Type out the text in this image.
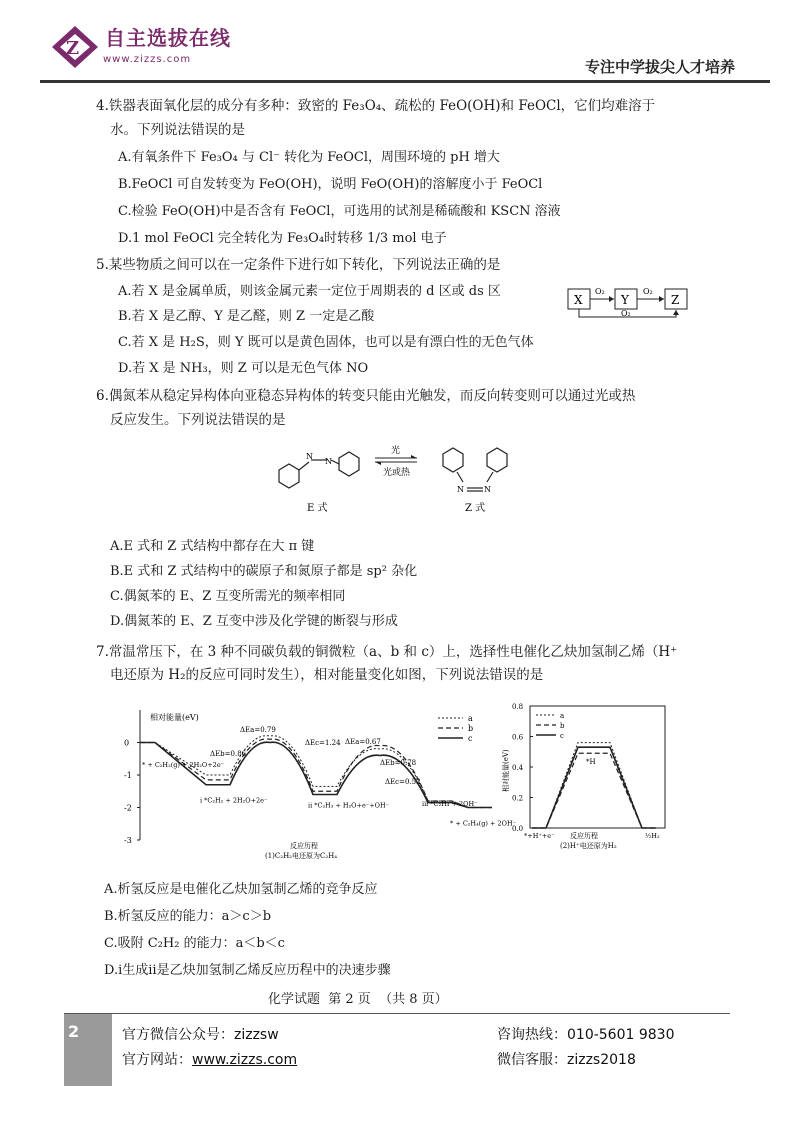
Z 自主选拔在线
www.zizzs.com	专注中学拔尖人才培养
4.铁器表面氧化层的成分有多种：致密的 Fe₃O₄、疏松的 FeO(OH)和 FeOCl，它们均难溶于
水。下列说法错误的是
A.有氧条件下 Fe₃O₄ 与 Cl⁻ 转化为 FeOCl，周围环境的 pH 增大
B.FeOCl 可自发转变为 FeO(OH)，说明 FeO(OH)的溶解度小于 FeOCl
C.检验 FeO(OH)中是否含有 FeOCl，可选用的试剂是稀硫酸和 KSCN 溶液
D.1 mol FeOCl 完全转化为 Fe₃O₄时转移 1/3 mol 电子
5.某些物质之间可以在一定条件下进行如下转化，下列说法正确的是
A.若 X 是金属单质，则该金属元素一定位于周期表的 d 区或 ds 区
B.若 X 是乙醇、Y 是乙醛，则 Z 一定是乙酸
C.若 X 是 H₂S，则 Y 既可以是黄色固体，也可以是有漂白性的无色气体
D.若 X 是 NH₃，则 Z 可以是无色气体 NO
X	Y	Z
O₂	O₂
O₂
6.偶氮苯从稳定异构体向亚稳态异构体的转变只能由光触发，而反向转变则可以通过光或热
反应发生。下列说法错误的是
N
N
E 式
光
光或热
N	N
Z 式
A.E 式和 Z 式结构中都存在大 π 键
B.E 式和 Z 式结构中的碳原子和氮原子都是 sp² 杂化
C.偶氮苯的 E、Z 互变所需光的频率相同
D.偶氮苯的 E、Z 互变中涉及化学键的断裂与形成
7.常温常压下，在 3 种不同碳负载的铜微粒（a、b 和 c）上，选择性电催化乙炔加氢制乙烯（H⁺
电还原为 H₂的反应可同时发生），相对能量变化如图，下列说法错误的是
0
-1
-2
-3
相对能量(eV)	a
b
c
* + C₂H₂(g) + 2H₂O+2e⁻
i *C₂H₂ + 2H₂O+2e⁻
ii *C₂H₃ + H₂O+e⁻+OH⁻	iii *C₂H₄ + 2OH⁻
* + C₂H₄(g) + 2OH⁻
ΔEa=0.79
ΔEc=1.24 ΔEa=0.67
ΔEb=0.86
ΔEb=0.78
ΔEc=0.52
反应历程
(1)C₂H₂电还原为C₂H₄
0.8
0.6
0.4
0.2
0.0
相对能量(eV)
a
b
c
*H
*+H⁺+e⁻	½H₂
反应历程
(2)H⁺电还原为H₂
A.析氢反应是电催化乙炔加氢制乙烯的竞争反应
B.析氢反应的能力：a＞c＞b
C.吸附 C₂H₂ 的能力：a＜b＜c
D.ⅰ生成ⅱ是乙炔加氢制乙烯反应历程中的决速步骤
化学试题  第 2 页  （共 8 页）
2	官方微信公众号：zizzsw
官方网站：www.zizzs.com
咨询热线：010-5601 9830
微信客服：zizzs2018
